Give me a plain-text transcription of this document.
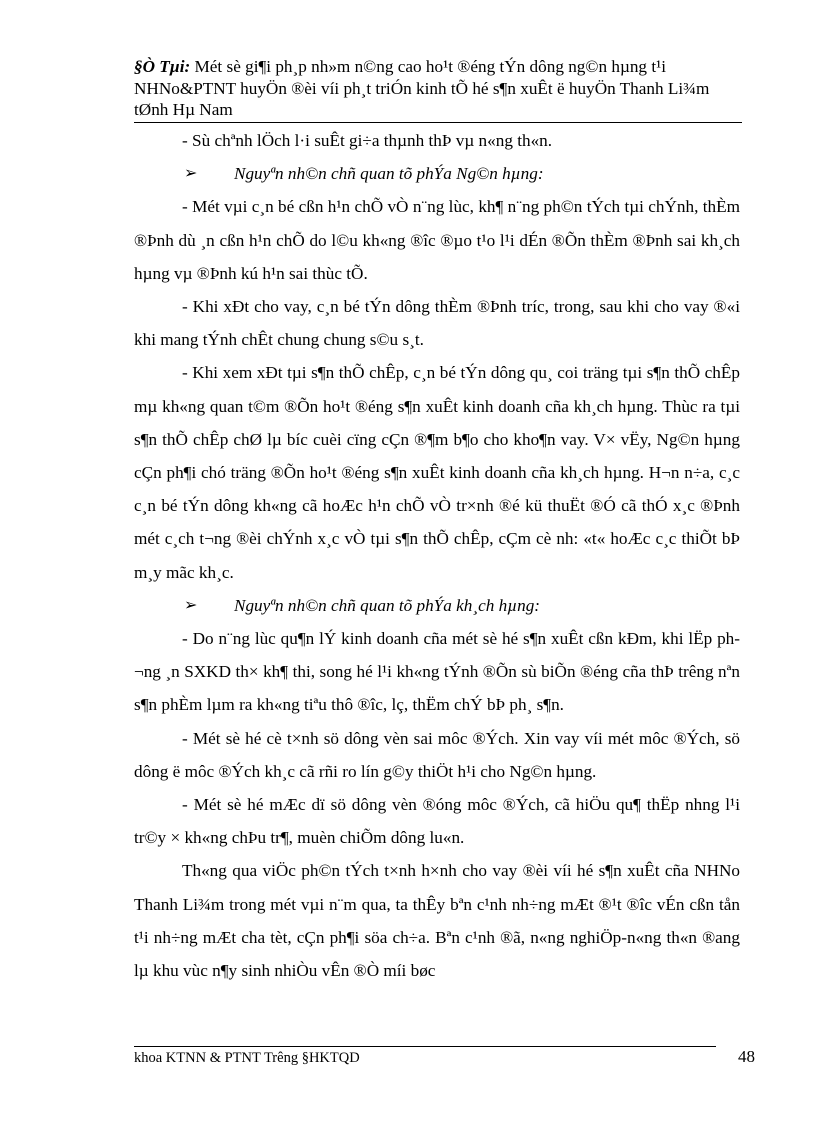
§Ò Tµi: Mét sè gi¶i ph¸p nh»m n©ng cao ho¹t ®éng tÝn dông ng©n hµng t¹i NHNo&PTNT huyÖn ®èi víi ph¸t triÓn kinh tÕ hé s¶n xuÊt ë huyÖn Thanh Li¾m tØnh Hµ Nam

- Sù chªnh lÖch l·i suÊt gi÷a thµnh thÞ vµ n«ng th«n.

➢ Nguyªn nh©n chñ quan tõ phÝa Ng©n hµng:

- Mét vµi c¸n bé cßn h¹n chÕ vÒ n¨ng lùc, kh¶ n¨ng ph©n tÝch tµi chÝnh, thÈm ®Þnh dù ¸n cßn h¹n chÕ do l©u kh«ng ®îc ®µo t¹o l¹i dÉn ®Õn thÈm ®Þnh sai kh¸ch hµng vµ ®Þnh kú h¹n sai thùc tÕ.

- Khi xÐt cho vay, c¸n bé tÝn dông thÈm ®Þnh tríc, trong, sau khi cho vay ®«i khi mang tÝnh chÊt chung chung s©u s¸t.

- Khi xem xÐt tµi s¶n thÕ chÊp, c¸n bé tÝn dông qu¸ coi träng tµi s¶n thÕ chÊp mµ kh«ng quan t©m ®Õn ho¹t ®éng s¶n xuÊt kinh doanh cña kh¸ch hµng. Thùc ra tµi s¶n thÕ chÊp chØ lµ bíc cuèi cïng cÇn ®¶m b¶o cho kho¶n vay. V× vËy, Ng©n hµng cÇn ph¶i chó träng ®Õn ho¹t ®éng s¶n xuÊt kinh doanh cña kh¸ch hµng. H¬n n÷a, c¸c c¸n bé tÝn dông kh«ng cã hoÆc h¹n chÕ vÒ tr×nh ®é kü thuËt ®Ó cã thÓ x¸c ®Þnh mét c¸ch t¬ng ®èi chÝnh x¸c vÒ tµi s¶n thÕ chÊp, cÇm cè nh: «t« hoÆc c¸c thiÕt bÞ m¸y mãc kh¸c.

➢ Nguyªn nh©n chñ quan tõ phÝa kh¸ch hµng:

- Do n¨ng lùc qu¶n lÝ kinh doanh cña mét sè hé s¶n xuÊt cßn kÐm, khi lËp ph¬ng ¸n SXKD th× kh¶ thi, song hé l¹i kh«ng tÝnh ®Õn sù biÕn ®éng cña thÞ trêng nªn s¶n phÈm lµm ra kh«ng tiªu thô ®îc, lç, thËm chÝ bÞ ph¸ s¶n.

- Mét sè hé cè t×nh sö dông vèn sai môc ®Ých. Xin vay víi mét môc ®Ých, sö dông ë môc ®Ých kh¸c cã rñi ro lín g©y thiÖt h¹i cho Ng©n hµng.

- Mét sè hé mÆc dï sö dông vèn ®óng môc ®Ých, cã hiÖu qu¶ thËp nhng l¹i tr©y × kh«ng chÞu tr¶, muèn chiÕm dông lu«n.

Th«ng qua viÖc ph©n tÝch t×nh h×nh cho vay ®èi víi hé s¶n xuÊt cña NHNo Thanh Li¾m trong mét vµi n¨m qua, ta thÊy bªn c¹nh nh÷ng mÆt ®¹t ®îc vÉn cßn tån t¹i nh÷ng mÆt cha tèt, cÇn ph¶i söa ch÷a. Bªn c¹nh ®ã, n«ng nghiÖp-n«ng th«n ®ang lµ khu vùc n¶y sinh nhiÒu vÊn ®Ò míi bøc

khoa KTNN & PTNT Trêng §HKTQD	48
